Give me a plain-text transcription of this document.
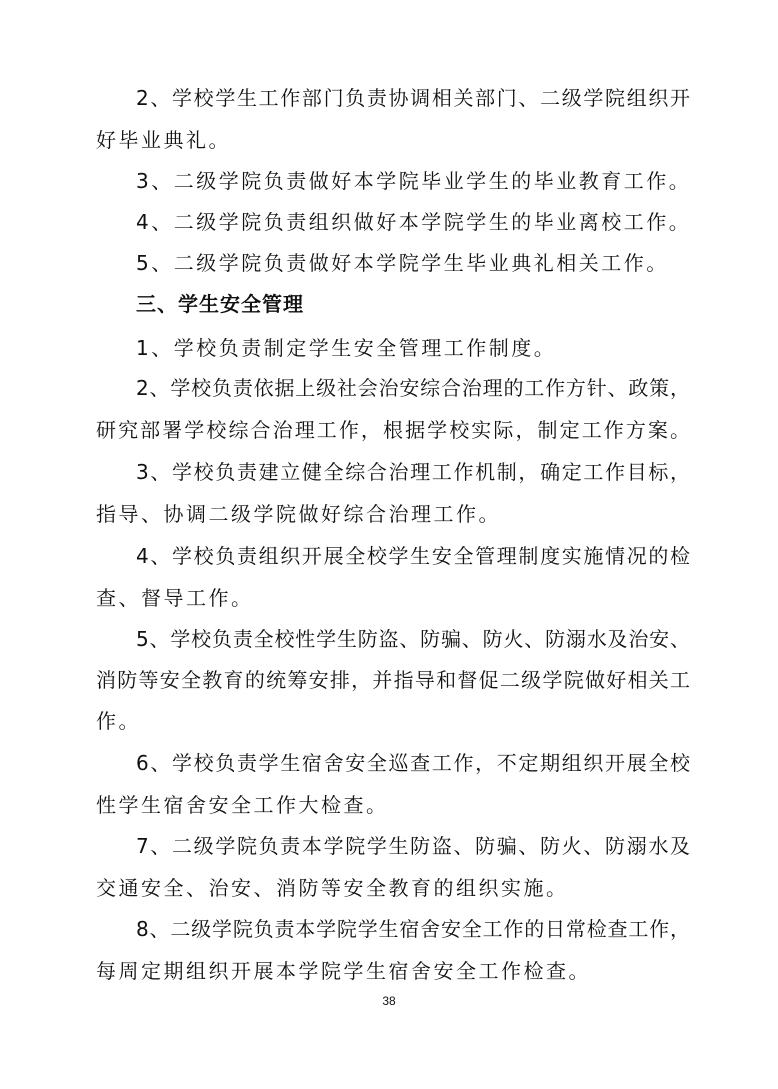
2、学校学生工作部门负责协调相关部门、二级学院组织开
好毕业典礼。
3、二级学院负责做好本学院毕业学生的毕业教育工作。
4、二级学院负责组织做好本学院学生的毕业离校工作。
5、二级学院负责做好本学院学生毕业典礼相关工作。
三、学生安全管理
1、学校负责制定学生安全管理工作制度。
2、学校负责依据上级社会治安综合治理的工作方针、政策，
研究部署学校综合治理工作，根据学校实际，制定工作方案。
3、学校负责建立健全综合治理工作机制，确定工作目标，
指导、协调二级学院做好综合治理工作。
4、学校负责组织开展全校学生安全管理制度实施情况的检
查、督导工作。
5、学校负责全校性学生防盗、防骗、防火、防溺水及治安、
消防等安全教育的统筹安排，并指导和督促二级学院做好相关工
作。
6、学校负责学生宿舍安全巡查工作，不定期组织开展全校
性学生宿舍安全工作大检查。
7、二级学院负责本学院学生防盗、防骗、防火、防溺水及
交通安全、治安、消防等安全教育的组织实施。
8、二级学院负责本学院学生宿舍安全工作的日常检查工作，
每周定期组织开展本学院学生宿舍安全工作检查。
38
